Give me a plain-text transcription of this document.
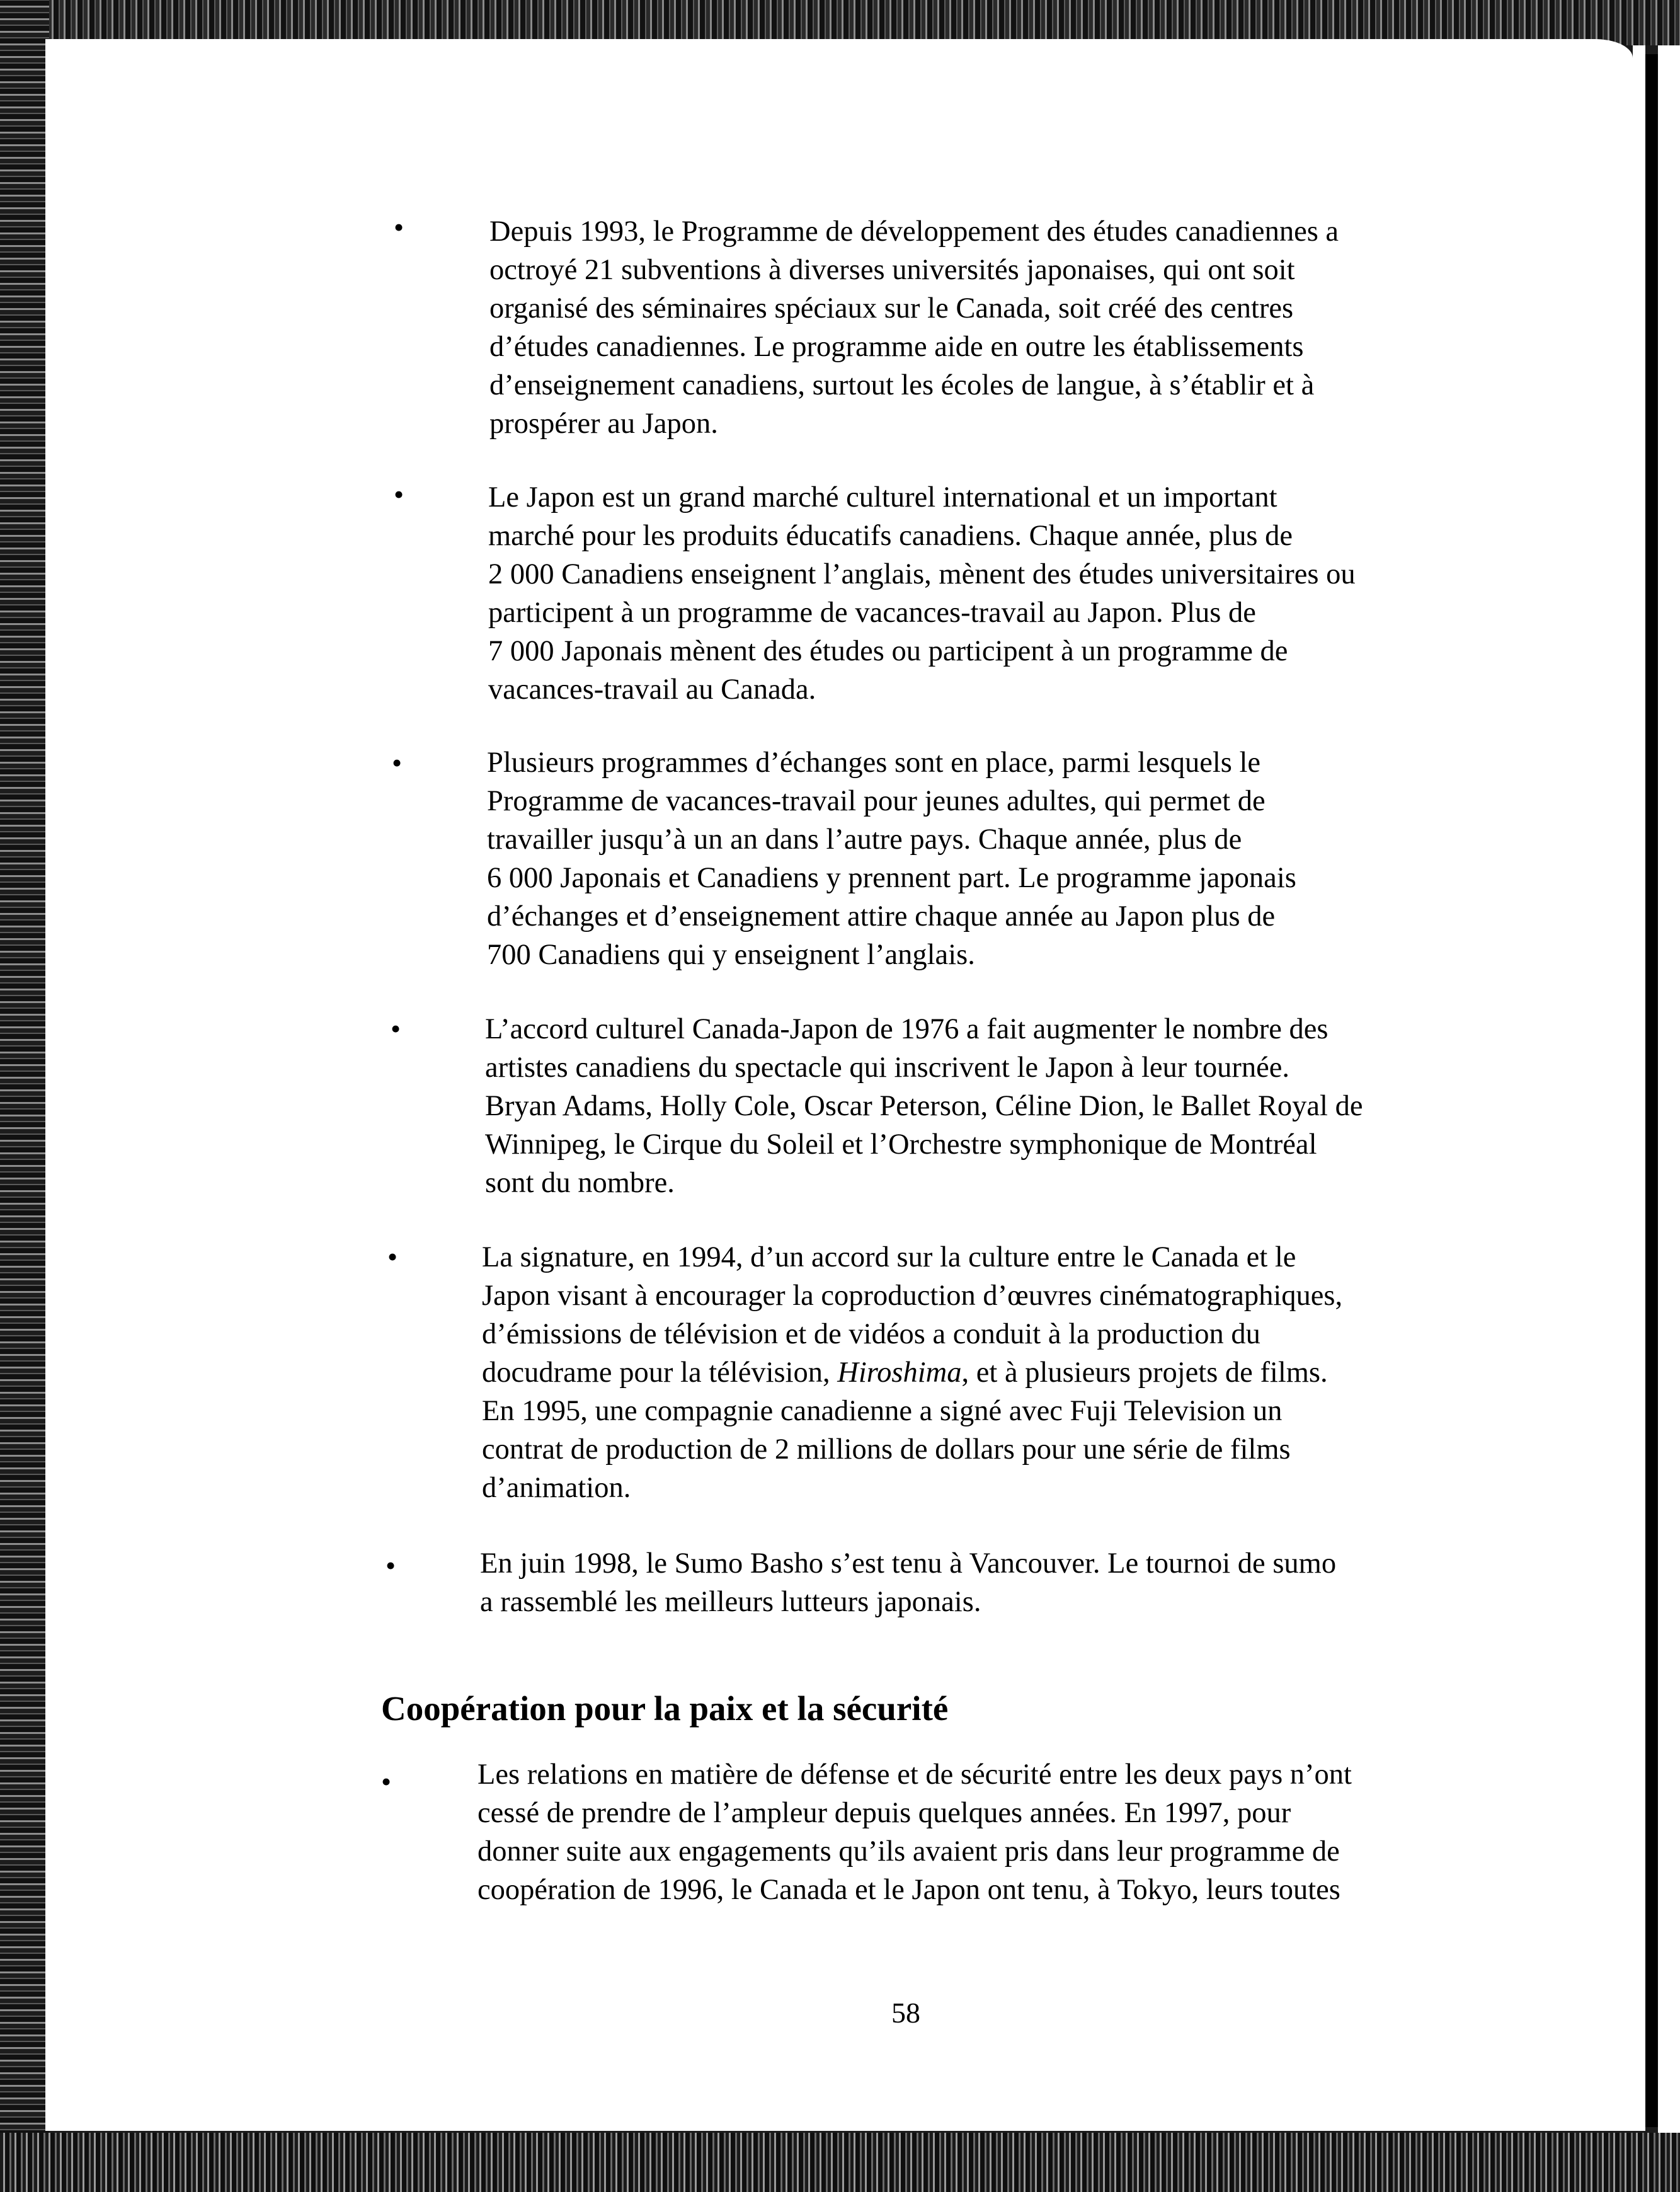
•	Depuis 1993, le Programme de développement des études canadiennes a
octroyé 21 subventions à diverses universités japonaises, qui ont soit
organisé des séminaires spéciaux sur le Canada, soit créé des centres
d’études canadiennes. Le programme aide en outre les établissements
d’enseignement canadiens, surtout les écoles de langue, à s’établir et à
prospérer au Japon.
•	Le Japon est un grand marché culturel international et un important
marché pour les produits éducatifs canadiens. Chaque année, plus de
2 000 Canadiens enseignent l’anglais, mènent des études universitaires ou
participent à un programme de vacances-travail au Japon. Plus de
7 000 Japonais mènent des études ou participent à un programme de
vacances-travail au Canada.
•	Plusieurs programmes d’échanges sont en place, parmi lesquels le
Programme de vacances-travail pour jeunes adultes, qui permet de
travailler jusqu’à un an dans l’autre pays. Chaque année, plus de
6 000 Japonais et Canadiens y prennent part. Le programme japonais
d’échanges et d’enseignement attire chaque année au Japon plus de
700 Canadiens qui y enseignent l’anglais.
•	L’accord culturel Canada-Japon de 1976 a fait augmenter le nombre des
artistes canadiens du spectacle qui inscrivent le Japon à leur tournée.
Bryan Adams, Holly Cole, Oscar Peterson, Céline Dion, le Ballet Royal de
Winnipeg, le Cirque du Soleil et l’Orchestre symphonique de Montréal
sont du nombre.
•	La signature, en 1994, d’un accord sur la culture entre le Canada et le
Japon visant à encourager la coproduction d’œuvres cinématographiques,
d’émissions de télévision et de vidéos a conduit à la production du
docudrame pour la télévision, Hiroshima, et à plusieurs projets de films.
En 1995, une compagnie canadienne a signé avec Fuji Television un
contrat de production de 2 millions de dollars pour une série de films
d’animation.
•	En juin 1998, le Sumo Basho s’est tenu à Vancouver. Le tournoi de sumo
a rassemblé les meilleurs lutteurs japonais.
Coopération pour la paix et la sécurité
•	Les relations en matière de défense et de sécurité entre les deux pays n’ont
cessé de prendre de l’ampleur depuis quelques années. En 1997, pour
donner suite aux engagements qu’ils avaient pris dans leur programme de
coopération de 1996, le Canada et le Japon ont tenu, à Tokyo, leurs toutes

58
